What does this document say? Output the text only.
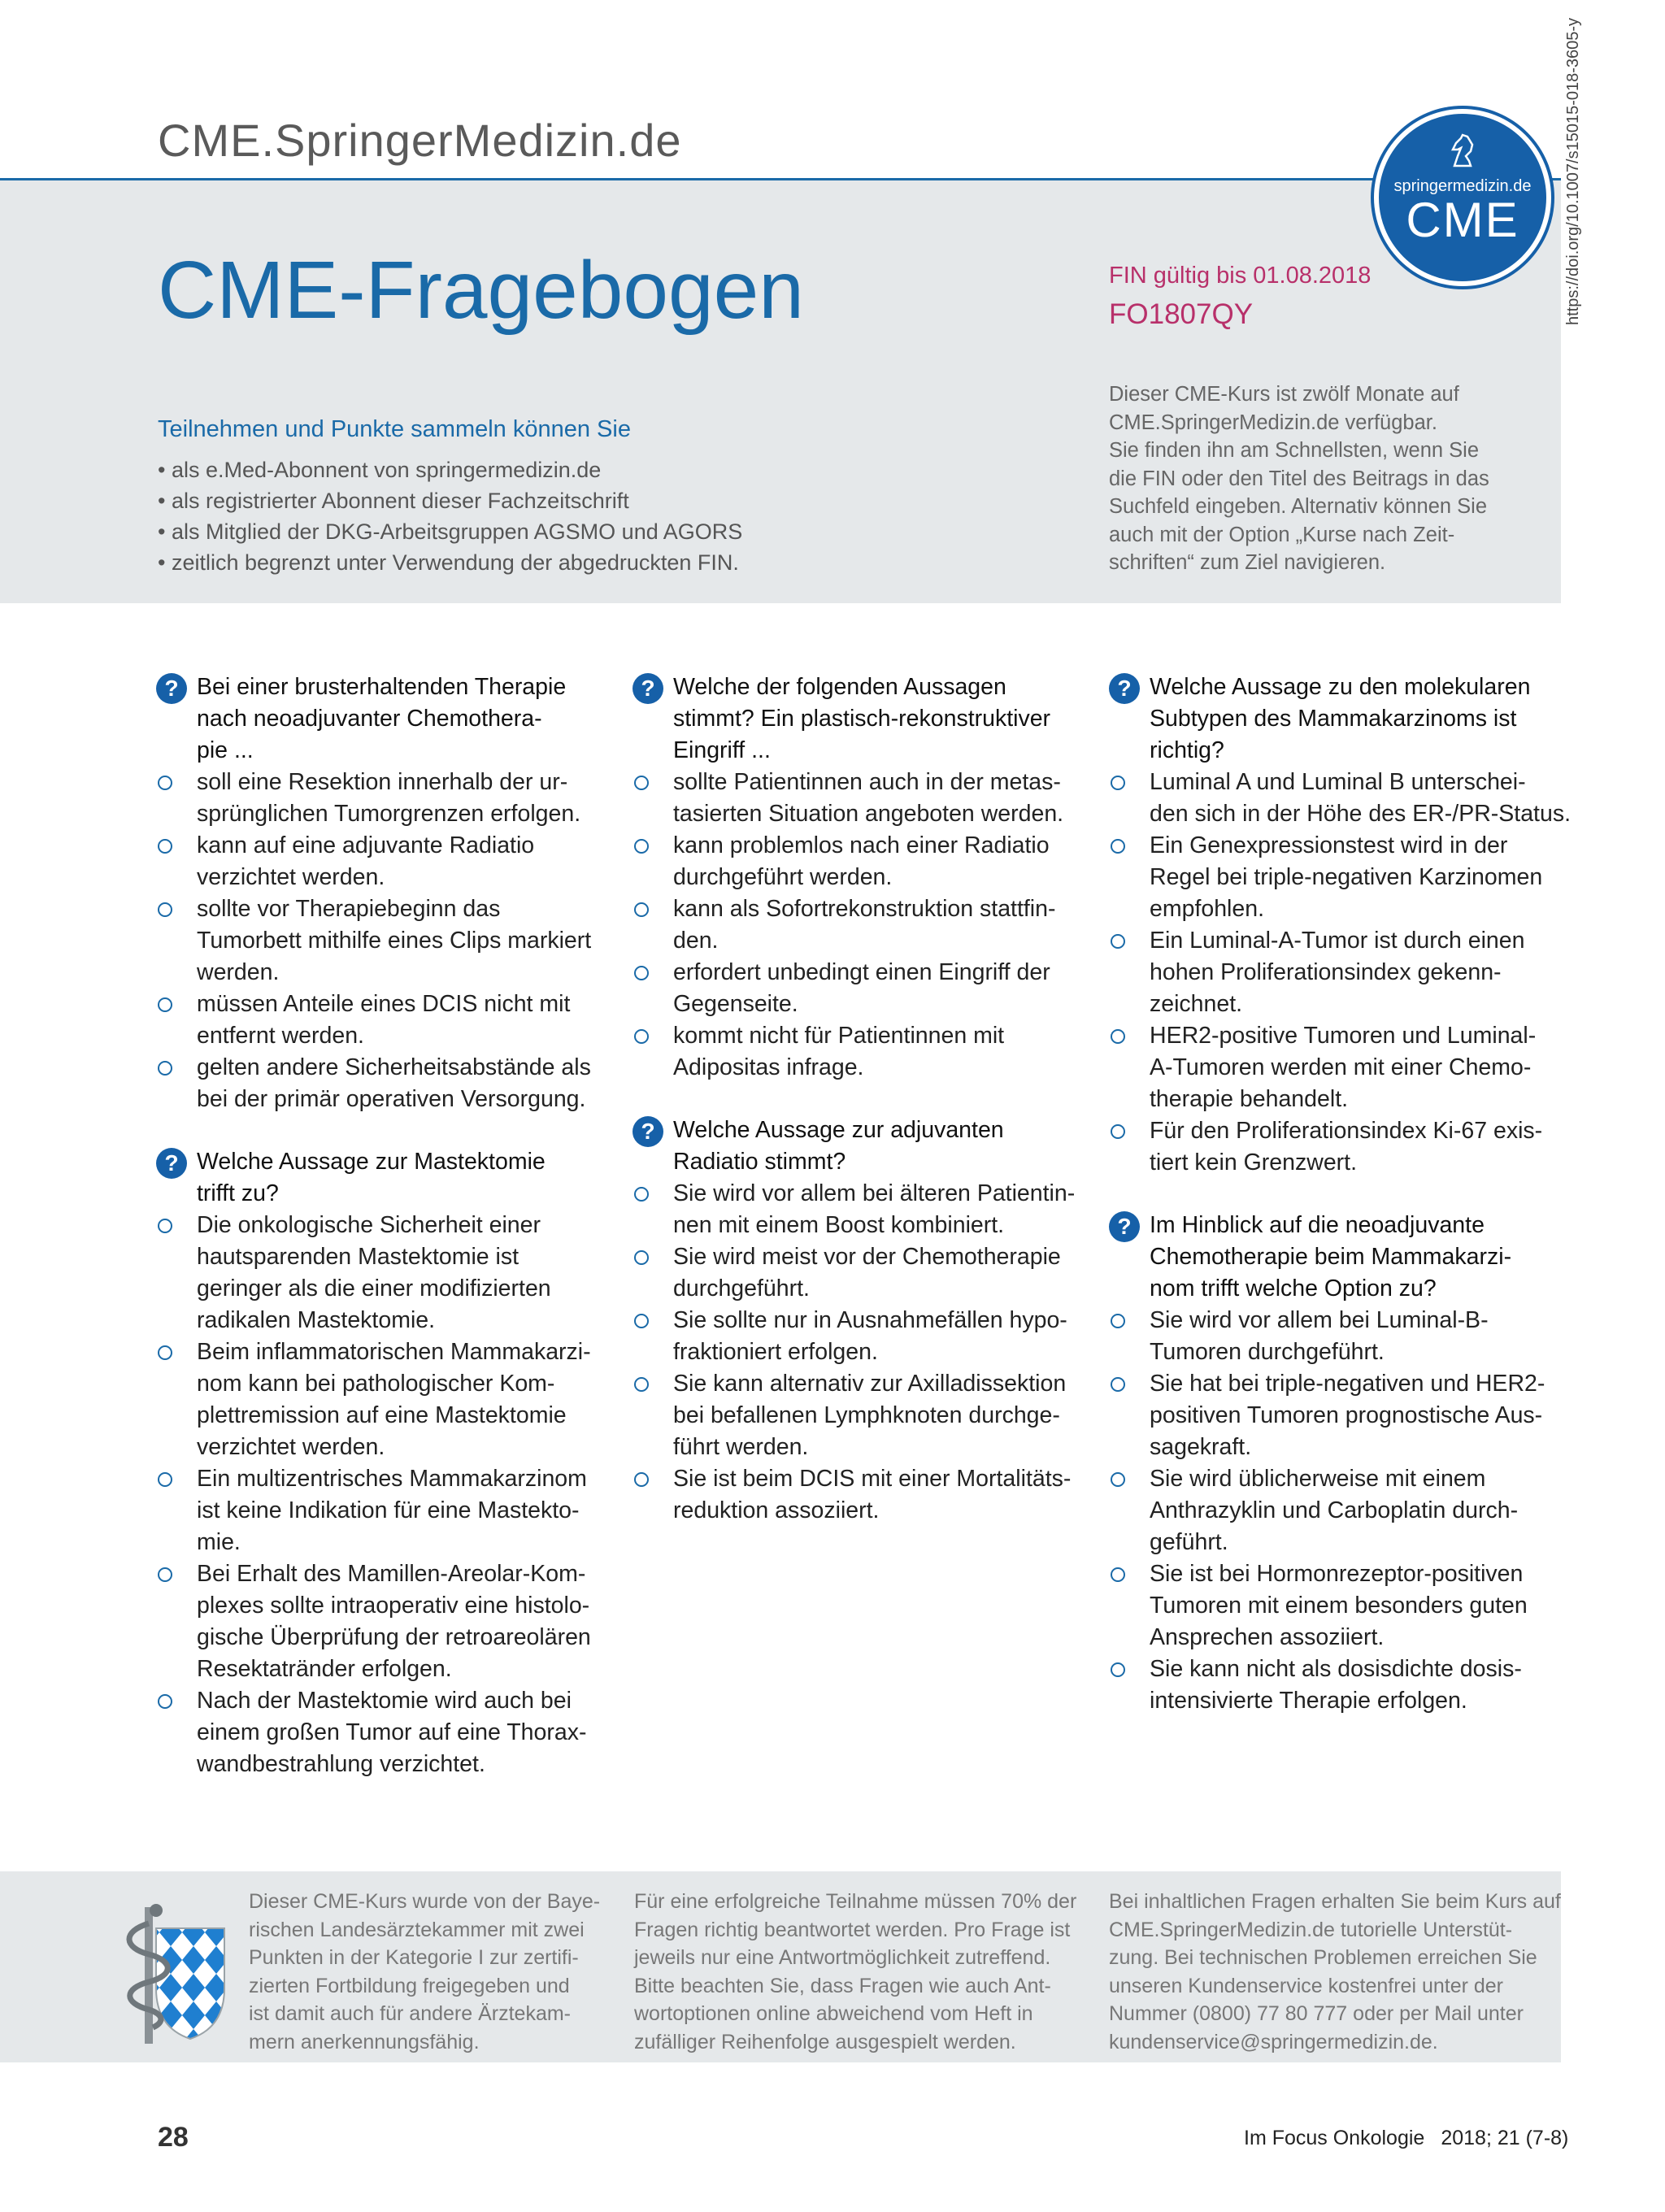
CME.SpringerMedizin.de
springermedizin.de
CME
CME-Fragebogen	FIN gültig bis 01.08.2018
FO1807QY
Teilnehmen und Punkte sammeln können Sie
• als e.Med-Abonnent von springermedizin.de
• als registrierter Abonnent dieser Fachzeitschrift
• als Mitglied der DKG-Arbeitsgruppen AGSMO und AGORS
• zeitlich begrenzt unter Verwendung der abgedruckten FIN.
Dieser CME-Kurs ist zwölf Monate auf
CME.SpringerMedizin.de verfügbar.
Sie finden ihn am Schnellsten, wenn Sie
die FIN oder den Titel des Beitrags in das
Suchfeld eingeben. Alternativ können Sie
auch mit der Option „Kurse nach Zeit-
schriften“ zum Ziel navigieren.
https://doi.org/10.1007/s15015-018-3605-y
? Bei einer brusterhaltenden Therapie
nach neoadjuvanter Chemothera-
pie ...
soll eine Resektion innerhalb der ur-
sprünglichen Tumorgrenzen erfolgen.
kann auf eine adjuvante Radiatio
verzichtet werden.
sollte vor Therapiebeginn das
Tumorbett mithilfe eines Clips markiert
werden.
müssen Anteile eines DCIS nicht mit
entfernt werden.
gelten andere Sicherheitsabstände als
bei der primär operativen Versorgung.
? Welche Aussage zur Mastektomie
trifft zu?
Die onkologische Sicherheit einer
hautsparenden Mastektomie ist
geringer als die einer modifizierten
radikalen Mastektomie.
Beim inflammatorischen Mammakarzi-
nom kann bei pathologischer Kom-
plettremission auf eine Mastektomie
verzichtet werden.
Ein multizentrisches Mammakarzinom
ist keine Indikation für eine Mastekto-
mie.
Bei Erhalt des Mamillen-Areolar-Kom-
plexes sollte intraoperativ eine histolo-
gische Überprüfung der retroareolären
Resektatränder erfolgen.
Nach der Mastektomie wird auch bei
einem großen Tumor auf eine Thorax-
wandbestrahlung verzichtet.
? Welche der folgenden Aussagen
stimmt? Ein plastisch-rekonstruktiver
Eingriff ...
sollte Patientinnen auch in der metas-
tasierten Situation angeboten werden.
kann problemlos nach einer Radiatio
durchgeführt werden.
kann als Sofortrekonstruktion stattfin-
den.
erfordert unbedingt einen Eingriff der
Gegenseite.
kommt nicht für Patientinnen mit
Adipositas infrage.
? Welche Aussage zur adjuvanten
Radiatio stimmt?
Sie wird vor allem bei älteren Patientin-
nen mit einem Boost kombiniert.
Sie wird meist vor der Chemotherapie
durchgeführt.
Sie sollte nur in Ausnahmefällen hypo-
fraktioniert erfolgen.
Sie kann alternativ zur Axilladissektion
bei befallenen Lymphknoten durchge-
führt werden.
Sie ist beim DCIS mit einer Mortalitäts-
reduktion assoziiert.
? Welche Aussage zu den molekularen
Subtypen des Mammakarzinoms ist
richtig?
Luminal A und Luminal B unterschei-
den sich in der Höhe des ER-/PR-Status.
Ein Genexpressionstest wird in der
Regel bei triple-negativen Karzinomen
empfohlen.
Ein Luminal-A-Tumor ist durch einen
hohen Proliferationsindex gekenn-
zeichnet.
HER2-positive Tumoren und Luminal-
A-Tumoren werden mit einer Chemo-
therapie behandelt.
Für den Proliferationsindex Ki-67 exis-
tiert kein Grenzwert.
? Im Hinblick auf die neoadjuvante
Chemotherapie beim Mammakarzi-
nom trifft welche Option zu?
Sie wird vor allem bei Luminal-B-
Tumoren durchgeführt.
Sie hat bei triple-negativen und HER2-
positiven Tumoren prognostische Aus-
sagekraft.
Sie wird üblicherweise mit einem
Anthrazyklin und Carboplatin durch-
geführt.
Sie ist bei Hormonrezeptor-positiven
Tumoren mit einem besonders guten
Ansprechen assoziiert.
Sie kann nicht als dosisdichte dosis-
intensivierte Therapie erfolgen.
Dieser CME-Kurs wurde von der Baye-
rischen Landesärztekammer mit zwei
Punkten in der Kategorie I zur zertifi-
zierten Fortbildung freigegeben und
ist damit auch für andere Ärztekam-
mern anerkennungsfähig.
Für eine erfolgreiche Teilnahme müssen 70% der
Fragen richtig beantwortet werden. Pro Frage ist
jeweils nur eine Antwortmöglichkeit zutreffend.
Bitte beachten Sie, dass Fragen wie auch Ant-
wortoptionen online abweichend vom Heft in
zufälliger Reihenfolge ausgespielt werden.
Bei inhaltlichen Fragen erhalten Sie beim Kurs auf
CME.SpringerMedizin.de tutorielle Unterstüt-
zung. Bei technischen Problemen erreichen Sie
unseren Kundenservice kostenfrei unter der
Nummer (0800) 77 80 777 oder per Mail unter
kundenservice@springermedizin.de.
28	Im Focus Onkologie 2018; 21 (7-8)
